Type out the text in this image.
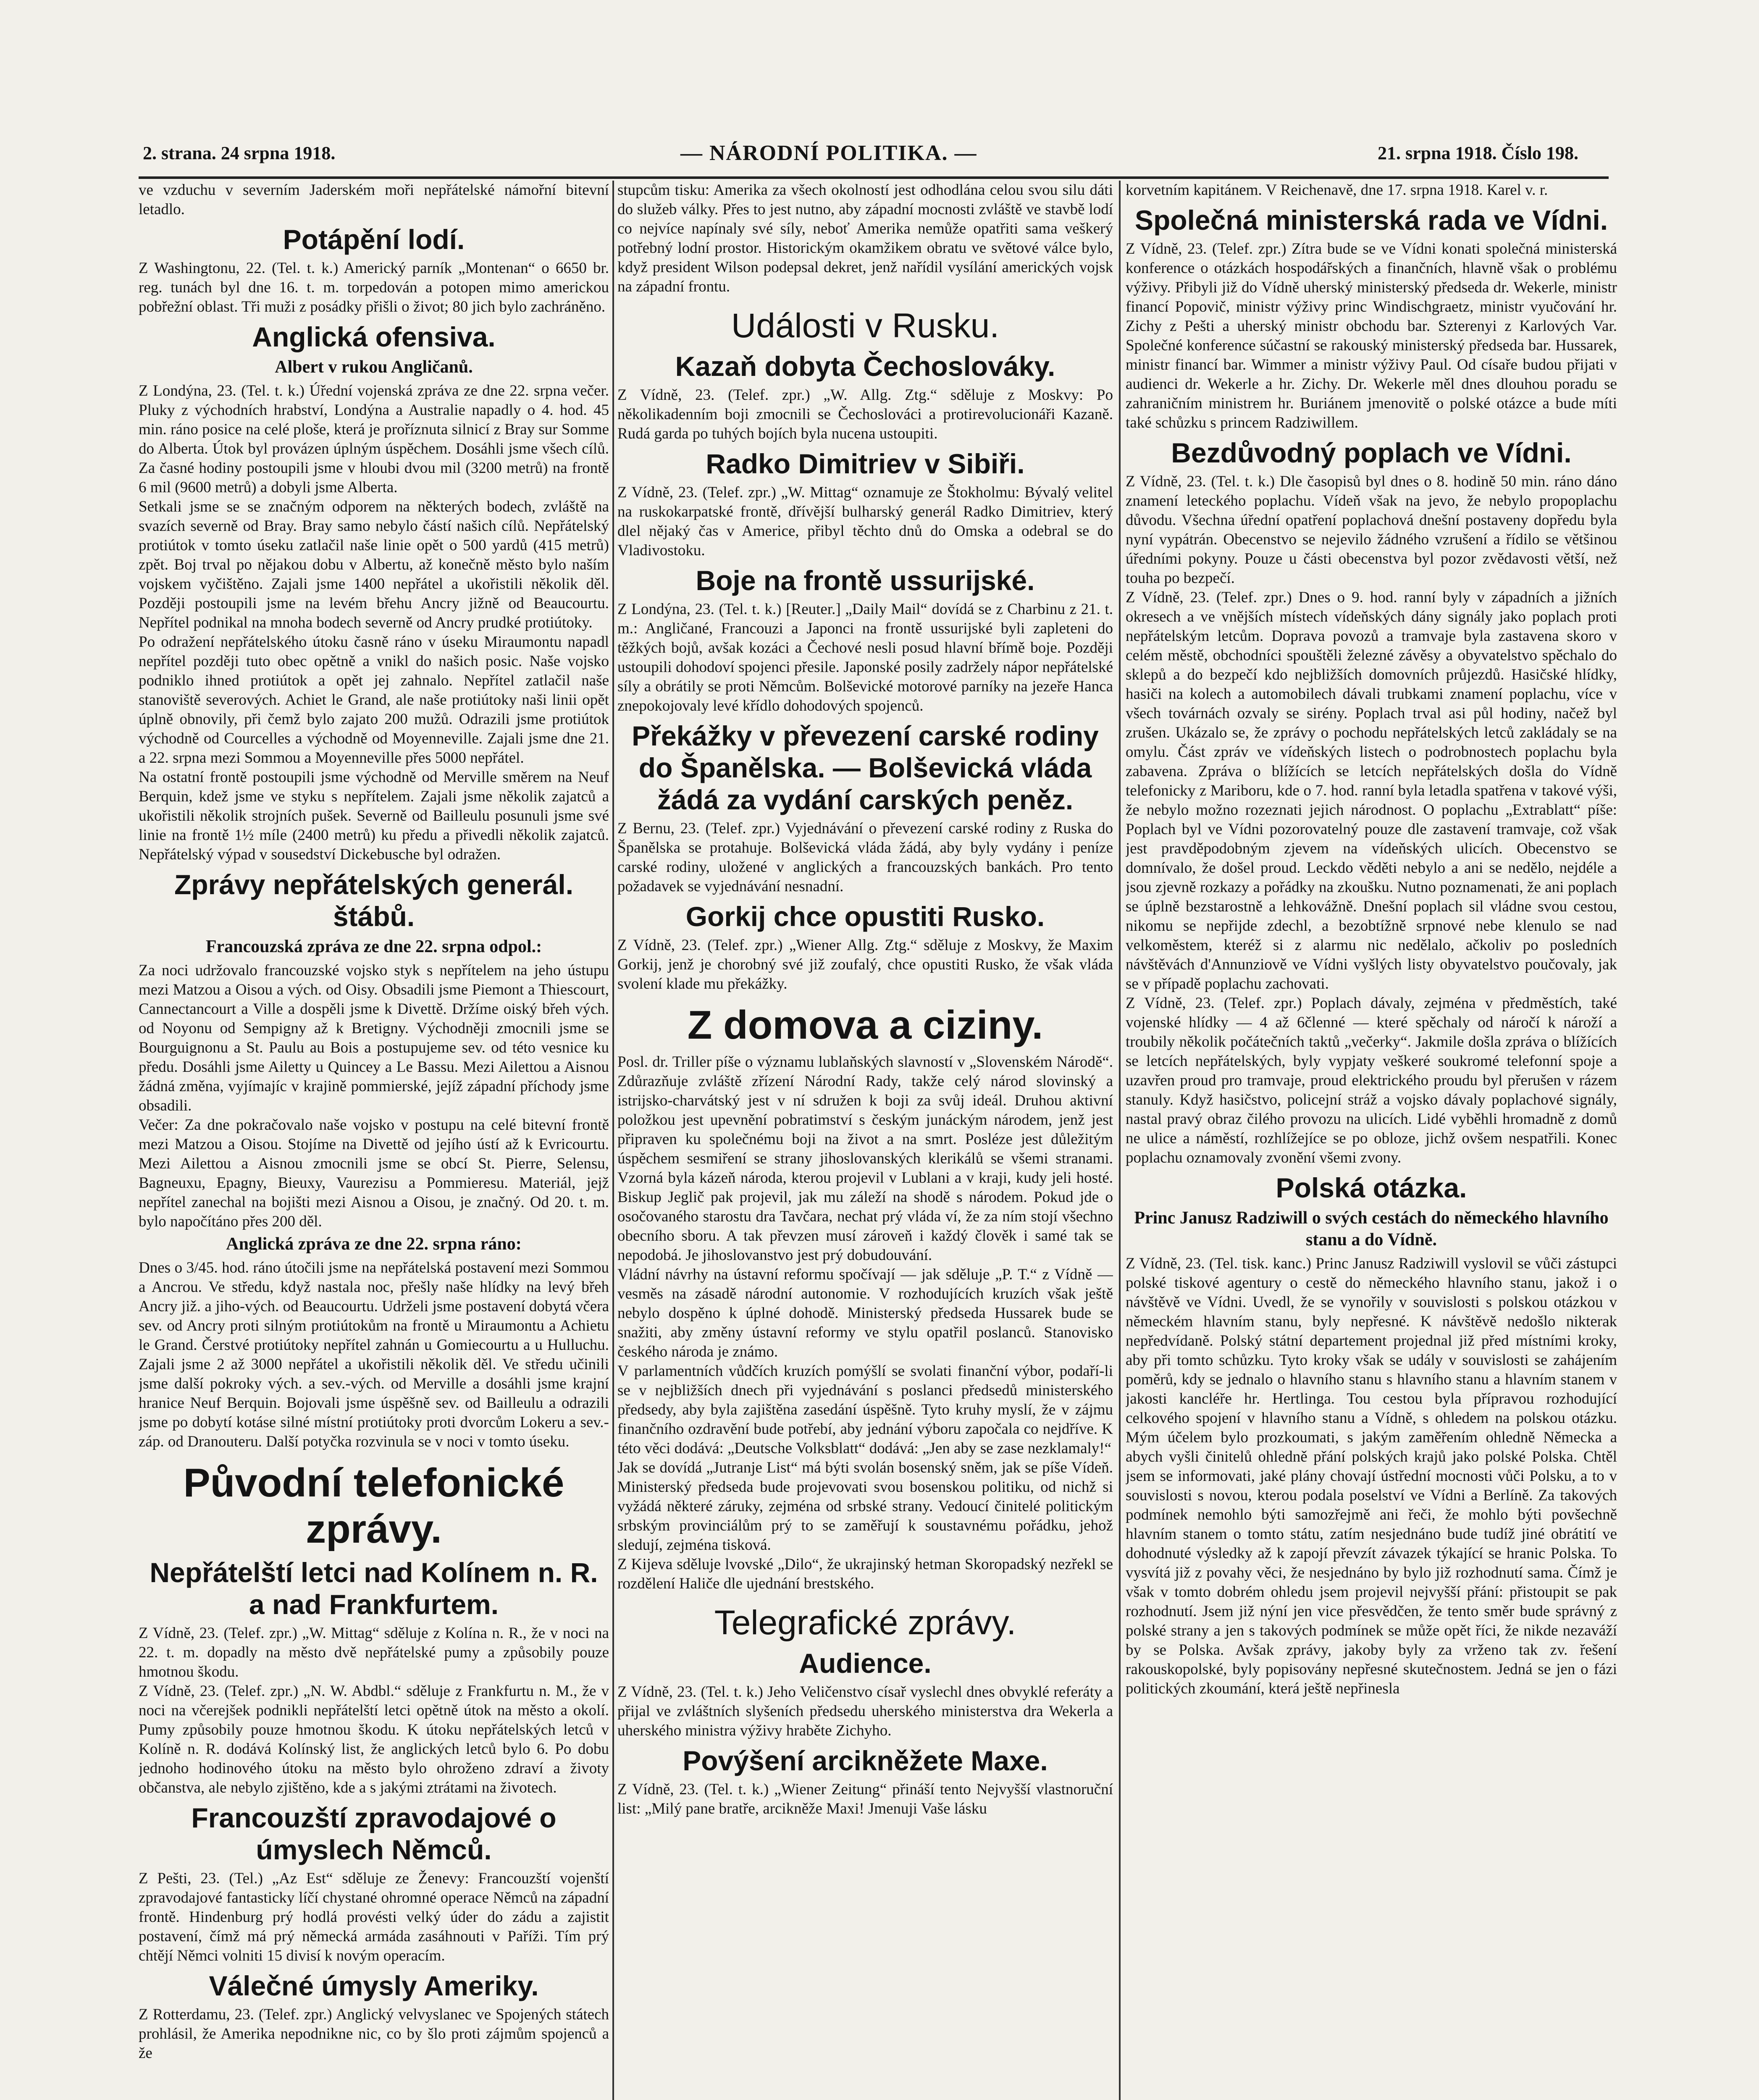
2. strana. 24 srpna 1918.	— NÁRODNÍ POLITIKA. —	21. srpna 1918. Číslo 198.
ve vzduchu v severním Jaderském moři nepřátelské námořní bitevní letadlo.
Potápění lodí.
Z Washingtonu, 22. (Tel. t. k.) Americký parník „Montenan“ o 6650 br. reg. tunách byl dne 16. t. m. torpedován a potopen mimo americkou pobřežní oblast. Tři muži z posádky přišli o život; 80 jich bylo zachráněno.
Anglická ofensiva.
Albert v rukou Angličanů.
Z Londýna, 23. (Tel. t. k.) Úřední vojenská zpráva ze dne 22. srpna večer. Pluky z východních hrabství, Londýna a Australie napadly o 4. hod. 45 min. ráno posice na celé ploše, která je proříznuta silnicí z Bray sur Somme do Alberta. Útok byl provázen úplným úspěchem. Dosáhli jsme všech cílů. Za časné hodiny postoupili jsme v hloubi dvou mil (3200 metrů) na frontě 6 mil (9600 metrů) a dobyli jsme Alberta.
Setkali jsme se se značným odporem na některých bodech, zvláště na svazích severně od Bray. Bray samo nebylo částí našich cílů. Nepřátelský protiútok v tomto úseku zatlačil naše linie opět o 500 yardů (415 metrů) zpět. Boj trval po nějakou dobu v Albertu, až konečně město bylo naším vojskem vyčištěno. Zajali jsme 1400 nepřátel a ukořistili několik děl. Později postoupili jsme na levém břehu Ancry jižně od Beaucourtu. Nepřítel podnikal na mnoha bodech severně od Ancry prudké protiútoky.
Po odražení nepřátelského útoku časně ráno v úseku Miraumontu napadl nepřítel později tuto obec opětně a vnikl do našich posic. Naše vojsko podniklo ihned protiútok a opět jej zahnalo. Nepřítel zatlačil naše stanoviště severových. Achiet le Grand, ale naše protiútoky naši linii opět úplně obnovily, při čemž bylo zajato 200 mužů. Odrazili jsme protiútok východně od Courcelles a východně od Moyenneville. Zajali jsme dne 21. a 22. srpna mezi Sommou a Moyenneville přes 5000 nepřátel.
Na ostatní frontě postoupili jsme východně od Merville směrem na Neuf Berquin, kdež jsme ve styku s nepřítelem. Zajali jsme několik zajatců a ukořistili několik strojních pušek. Severně od Bailleulu posunuli jsme své linie na frontě 1½ míle (2400 metrů) ku předu a přivedli několik zajatců. Nepřátelský výpad v sousedství Dickebusche byl odražen.
Zprávy nepřátelských generál. štábů.
Francouzská zpráva ze dne 22. srpna odpol.:
Za noci udržovalo francouzské vojsko styk s nepřítelem na jeho ústupu mezi Matzou a Oisou a vých. od Oisy. Obsadili jsme Piemont a Thiescourt, Cannectancourt a Ville a dospěli jsme k Divettě. Držíme oiský břeh vých. od Noyonu od Sempigny až k Bretigny. Východněji zmocnili jsme se Bourguignonu a St. Paulu au Bois a postupujeme sev. od této vesnice ku předu. Dosáhli jsme Ailetty u Quincey a Le Bassu. Mezi Ailettou a Aisnou žádná změna, vyjímajíc v krajině pommierské, jejíž západní příchody jsme obsadili.
Večer: Za dne pokračovalo naše vojsko v postupu na celé bitevní frontě mezi Matzou a Oisou. Stojíme na Divettě od jejího ústí až k Evricourtu. Mezi Ailettou a Aisnou zmocnili jsme se obcí St. Pierre, Selensu, Bagneuxu, Epagny, Bieuxy, Vaurezisu a Pommieresu. Materiál, jejž nepřítel zanechal na bojišti mezi Aisnou a Oisou, je značný. Od 20. t. m. bylo napočítáno přes 200 děl.
Anglická zpráva ze dne 22. srpna ráno:
Dnes o 3/45. hod. ráno útočili jsme na nepřátelská postavení mezi Sommou a Ancrou. Ve středu, když nastala noc, přešly naše hlídky na levý břeh Ancry již. a jiho-vých. od Beaucourtu. Udrželi jsme postavení dobytá včera sev. od Ancry proti silným protiútokům na frontě u Miraumontu a Achietu le Grand. Čerstvé protiútoky nepřítel zahnán u Gomiecourtu a u Hulluchu. Zajali jsme 2 až 3000 nepřátel a ukořistili několik děl. Ve středu učinili jsme další pokroky vých. a sev.-vých. od Merville a dosáhli jsme krajní hranice Neuf Berquin. Bojovali jsme úspěšně sev. od Bailleulu a odrazili jsme po dobytí kotáse silné místní protiútoky proti dvorcům Lokeru a sev.-záp. od Dranouteru. Další potyčka rozvinula se v noci v tomto úseku.
Původní telefonické zprávy.
Nepřátelští letci nad Kolínem n. R. a nad Frankfurtem.
Z Vídně, 23. (Telef. zpr.) „W. Mittag“ sděluje z Kolína n. R., že v noci na 22. t. m. dopadly na město dvě nepřátelské pumy a způsobily pouze hmotnou škodu.
Z Vídně, 23. (Telef. zpr.) „N. W. Abdbl.“ sděluje z Frankfurtu n. M., že v noci na včerejšek podnikli nepřátelští letci opětně útok na město a okolí. Pumy způsobily pouze hmotnou škodu. K útoku nepřátelských letců v Kolíně n. R. dodává Kolínský list, že anglických letců bylo 6. Po dobu jednoho hodinového útoku na město bylo ohroženo zdraví a životy občanstva, ale nebylo zjištěno, kde a s jakými ztrátami na životech.
Francouzští zpravodajové o úmyslech Němců.
Z Pešti, 23. (Tel.) „Az Est“ sděluje ze Ženevy: Francouzští vojenští zpravodajové fantasticky líčí chystané ohromné operace Němců na západní frontě. Hindenburg prý hodlá provésti velký úder do zádu a zajistit postavení, čímž má prý německá armáda zasáhnouti v Paříži. Tím prý chtějí Němci volniti 15 divisí k novým operacím.
Válečné úmysly Ameriky.
Z Rotterdamu, 23. (Telef. zpr.) Anglický velvyslanec ve Spojených státech prohlásil, že Amerika nepodnikne nic, co by šlo proti zájmům spojenců a že
stupcům tisku: Amerika za všech okolností jest odhodlána celou svou silu dáti do služeb války. Přes to jest nutno, aby západní mocnosti zvláště ve stavbě lodí co nejvíce napínaly své síly, neboť Amerika nemůže opatřiti sama veškerý potřebný lodní prostor. Historickým okamžikem obratu ve světové válce bylo, když president Wilson podepsal dekret, jenž nařídil vysílání amerických vojsk na západní frontu.
Události v Rusku.
Kazaň dobyta Čechoslováky.
Z Vídně, 23. (Telef. zpr.) „W. Allg. Ztg.“ sděluje z Moskvy: Po několikadenním boji zmocnili se Čechoslováci a protirevolucionáři Kazaně. Rudá garda po tuhých bojích byla nucena ustoupiti.
Radko Dimitriev v Sibiři.
Z Vídně, 23. (Telef. zpr.) „W. Mittag“ oznamuje ze Štokholmu: Bývalý velitel na ruskokarpatské frontě, dřívější bulharský generál Radko Dimitriev, který dlel nějaký čas v Americe, přibyl těchto dnů do Omska a odebral se do Vladivostoku.
Boje na frontě ussurijské.
Z Londýna, 23. (Tel. t. k.) [Reuter.] „Daily Mail“ dovídá se z Charbinu z 21. t. m.: Angličané, Francouzi a Japonci na frontě ussurijské byli zapleteni do těžkých bojů, avšak kozáci a Čechové nesli posud hlavní břímě boje. Později ustoupili dohodoví spojenci přesile. Japonské posily zadržely nápor nepřátelské síly a obrátily se proti Němcům. Bolševické motorové parníky na jezeře Hanca znepokojovaly levé křídlo dohodových spojenců.
Překážky v převezení carské rodiny do Španělska. — Bolševická vláda žádá za vydání carských peněz.
Z Bernu, 23. (Telef. zpr.) Vyjednávání o převezení carské rodiny z Ruska do Španělska se protahuje. Bolševická vláda žádá, aby byly vydány i peníze carské rodiny, uložené v anglických a francouzských bankách. Pro tento požadavek se vyjednávání nesnadní.
Gorkij chce opustiti Rusko.
Z Vídně, 23. (Telef. zpr.) „Wiener Allg. Ztg.“ sděluje z Moskvy, že Maxim Gorkij, jenž je chorobný své již zoufalý, chce opustiti Rusko, že však vláda svolení klade mu překážky.
Z domova a ciziny.
Posl. dr. Triller píše o významu lublaňských slavností v „Slovenském Národě“. Zdůrazňuje zvláště zřízení Národní Rady, takže celý národ slovinský a istrijsko-charvátský jest v ní sdružen k boji za svůj ideál. Druhou aktivní položkou jest upevnění pobratimství s českým junáckým národem, jenž jest připraven ku společnému boji na život a na smrt. Posléze jest důležitým úspěchem sesmiření se strany jihoslovanských klerikálů se všemi stranami. Vzorná byla kázeň národa, kterou projevil v Lublani a v kraji, kudy jeli hosté. Biskup Jeglič pak projevil, jak mu záleží na shodě s národem. Pokud jde o osočovaného starostu dra Tavčara, nechat prý vláda ví, že za ním stojí všechno obecního sboru. A tak převzen musí zároveň i každý člověk i samé tak se nepodobá. Je jihoslovanstvo jest prý dobudouvání.
Vládní návrhy na ústavní reformu spočívají — jak sděluje „P. T.“ z Vídně — vesměs na zásadě národní autonomie. V rozhodujících kruzích však ještě nebylo dospěno k úplné dohodě. Ministerský předseda Hussarek bude se snažiti, aby změny ústavní reformy ve stylu opatřil poslanců. Stanovisko českého národa je známo.
V parlamentních vůdčích kruzích pomýšlí se svolati finanční výbor, podaří-li se v nejbližších dnech při vyjednávání s poslanci předsedů ministerského předsedy, aby byla zajištěna zasedání úspěšně. Tyto kruhy myslí, že v zájmu finančního ozdravění bude potřebí, aby jednání výboru započala co nejdříve. K této věci dodává: „Deutsche Volksblatt“ dodává: „Jen aby se zase nezklamaly!“
Jak se dovídá „Jutranje List“ má býti svolán bosenský sněm, jak se píše Vídeň. Ministerský předseda bude projevovati svou bosenskou politiku, od nichž si vyžádá některé záruky, zejména od srbské strany. Vedoucí činitelé politickým srbským provinciálům prý to se zaměřují k soustavnému pořádku, jehož sledují, zejména tisková.
Z Kijeva sděluje lvovské „Dilo“, že ukrajinský hetman Skoropadský nezřekl se rozdělení Haliče dle ujednání brestského.
Telegrafické zprávy.
Audience.
Z Vídně, 23. (Tel. t. k.) Jeho Veličenstvo císař vyslechl dnes obvyklé referáty a přijal ve zvláštních slyšeních předsedu uherského ministerstva dra Wekerla a uherského ministra výživy hraběte Zichyho.
Povýšení arcikněžete Maxe.
Z Vídně, 23. (Tel. t. k.) „Wiener Zeitung“ přináší tento Nejvyšší vlastnoruční list: „Milý pane bratře, arcikněže Maxi! Jmenuji Vaše lásku
korvetním kapitánem. V Reichenavě, dne 17. srpna 1918. Karel v. r.
Společná ministerská rada ve Vídni.
Z Vídně, 23. (Telef. zpr.) Zítra bude se ve Vídni konati společná ministerská konference o otázkách hospodářských a finančních, hlavně však o problému výživy. Přibyli již do Vídně uherský ministerský předseda dr. Wekerle, ministr financí Popovič, ministr výživy princ Windischgraetz, ministr vyučování hr. Zichy z Pešti a uherský ministr obchodu bar. Szterenyi z Karlových Var. Společné konference súčastní se rakouský ministerský předseda bar. Hussarek, ministr financí bar. Wimmer a ministr výživy Paul. Od císaře budou přijati v audienci dr. Wekerle a hr. Zichy. Dr. Wekerle měl dnes dlouhou poradu se zahraničním ministrem hr. Buriánem jmenovitě o polské otázce a bude míti také schůzku s princem Radziwillem.
Bezdůvodný poplach ve Vídni.
Z Vídně, 23. (Tel. t. k.) Dle časopisů byl dnes o 8. hodině 50 min. ráno dáno znamení leteckého poplachu. Vídeň však na jevo, že nebylo propoplachu důvodu. Všechna úřední opatření poplachová dnešní postaveny dopředu byla nyní vypátrán. Obecenstvo se nejevilo žádného vzrušení a řídilo se většinou úředními pokyny. Pouze u části obecenstva byl pozor zvědavosti větší, než touha po bezpečí.
Z Vídně, 23. (Telef. zpr.) Dnes o 9. hod. ranní byly v západních a jižních okresech a ve vnějších místech vídeňských dány signály jako poplach proti nepřátelským letcům. Doprava povozů a tramvaje byla zastavena skoro v celém městě, obchodníci spouštěli železné závěsy a obyvatelstvo spěchalo do sklepů a do bezpečí kdo nejbližších domovních průjezdů. Hasičské hlídky, hasiči na kolech a automobilech dávali trubkami znamení poplachu, více v všech továrnách ozvaly se sirény. Poplach trval asi půl hodiny, načež byl zrušen. Ukázalo se, že zprávy o pochodu nepřátelských letců zakládaly se na omylu. Část zpráv ve vídeňských listech o podrobnostech poplachu byla zabavena. Zpráva o blížících se letcích nepřátelských došla do Vídně telefonicky z Mariboru, kde o 7. hod. ranní byla letadla spatřena v takové výši, že nebylo možno rozeznati jejich národnost. O poplachu „Extrablatt“ píše: Poplach byl ve Vídni pozorovatelný pouze dle zastavení tramvaje, což však jest pravděpodobným zjevem na vídeňských ulicích. Obecenstvo se domnívalo, že došel proud. Leckdo věděti nebylo a ani se nedělo, nejdéle a jsou zjevně rozkazy a pořádky na zkoušku. Nutno poznamenati, že ani poplach se úplně bezstarostně a lehkovážně. Dnešní poplach sil vládne svou cestou, nikomu se nepřijde zdechl, a bezobtížně srpnové nebe klenulo se nad velkoměstem, kteréž si z alarmu nic nedělalo, ačkoliv po posledních návštěvách d'Annunziově ve Vídni vyšlých listy obyvatelstvo poučovaly, jak se v případě poplachu zachovati.
Z Vídně, 23. (Telef. zpr.) Poplach dávaly, zejména v předměstích, také vojenské hlídky — 4 až 6členné — které spěchaly od náročí k nároží a troubily několik počátečních taktů „večerky“. Jakmile došla zpráva o blížících se letcích nepřátelských, byly vypjaty veškeré soukromé telefonní spoje a uzavřen proud pro tramvaje, proud elektrického proudu byl přerušen v rázem stanuly. Když hasičstvo, policejní stráž a vojsko dávaly poplachové signály, nastal pravý obraz čilého provozu na ulicích. Lidé vyběhli hromadně z domů ne ulice a náměstí, rozhlížejíce se po obloze, jichž ovšem nespatřili. Konec poplachu oznamovaly zvonění všemi zvony.
Polská otázka.
Princ Janusz Radziwill o svých cestách do německého hlavního stanu a do Vídně.
Z Vídně, 23. (Tel. tisk. kanc.) Princ Janusz Radziwill vyslovil se vůči zástupci polské tiskové agentury o cestě do německého hlavního stanu, jakož i o návštěvě ve Vídni. Uvedl, že se vynořily v souvislosti s polskou otázkou v německém hlavním stanu, byly nepřesné. K návštěvě nedošlo nikterak nepředvídaně. Polský státní departement projednal již před místními kroky, aby při tomto schůzku. Tyto kroky však se udály v souvislosti se zahájením poměrů, kdy se jednalo o hlavního stanu s hlavního stanu a hlavním stanem v jakosti kancléře hr. Hertlinga. Tou cestou byla přípravou rozhodující celkového spojení v hlavního stanu a Vídně, s ohledem na polskou otázku. Mým účelem bylo prozkoumati, s jakým zaměřením ohledně Německa a abych vyšli činitelů ohledně přání polských krajů jako polské Polska. Chtěl jsem se informovati, jaké plány chovají ústřední mocnosti vůči Polsku, a to v souvislosti s novou, kterou podala poselství ve Vídni a Berlíně. Za takových podmínek nemohlo býti samozřejmě ani řeči, že mohlo býti povšechně hlavním stanem o tomto státu, zatím nesjednáno bude tudíž jiné obrátití ve dohodnuté výsledky až k zapojí převzít závazek týkající se hranic Polska. To vysvítá již z povahy věci, že nesjednáno by bylo již rozhodnutí sama. Čímž je však v tomto dobrém ohledu jsem projevil nejvyšší přání: přistoupit se pak rozhodnutí. Jsem již nýní jen vice přesvědčen, že tento směr bude správný z polské strany a jen s takových podmínek se může opět říci, že nikde nezaváží by se Polska. Avšak zprávy, jakoby byly za vrženo tak zv. řešení rakouskopolské, byly popisovány nepřesné skutečnostem. Jedná se jen o fázi politických zkoumání, která ještě nepřinesla
